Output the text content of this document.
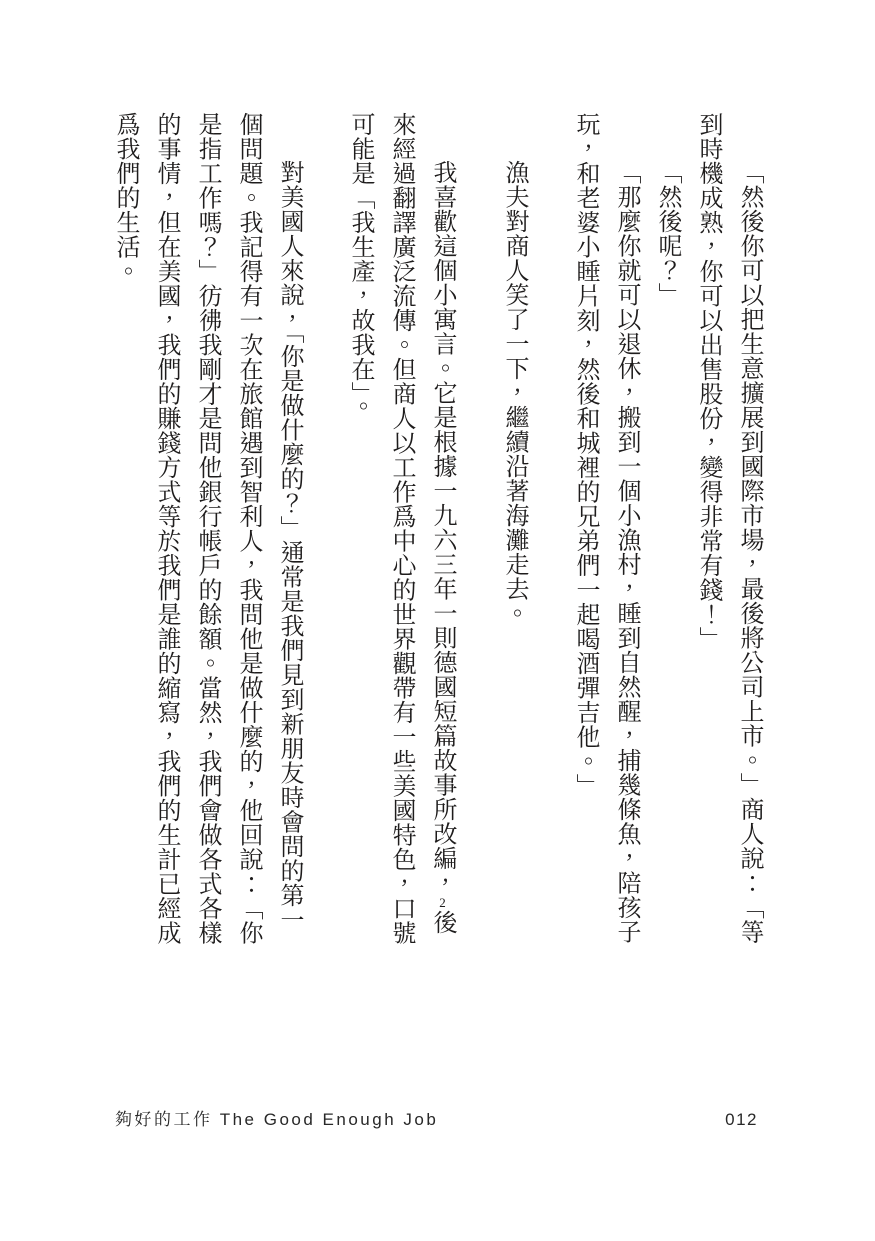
「然後你可以把生意擴展到國際市場，最後將公司上市。」商人說：「等到時機成熟，你可以出售股份，變得非常有錢！」

「然後呢？」

「那麼你就可以退休，搬到一個小漁村，睡到自然醒，捕幾條魚，陪孩子玩，和老婆小睡片刻，然後和城裡的兄弟們一起喝酒彈吉他。」

漁夫對商人笑了一下，繼續沿著海灘走去。

我喜歡這個小寓言。它是根據一九六三年一則德國短篇故事所改編，2後來經過翻譯廣泛流傳。但商人以工作爲中心的世界觀帶有一些美國特色，口號可能是「我生產，故我在」。

對美國人來說，「你是做什麼的？」通常是我們見到新朋友時會問的第一個問題。我記得有一次在旅館遇到智利人，我問他是做什麼的，他回說：「你是指工作嗎？」彷彿我剛才是問他銀行帳戶的餘額。當然，我們會做各式各樣的事情，但在美國，我們的賺錢方式等於我們是誰的縮寫，我們的生計已經成爲我們的生活。

夠好的工作 The Good Enough Job	012
